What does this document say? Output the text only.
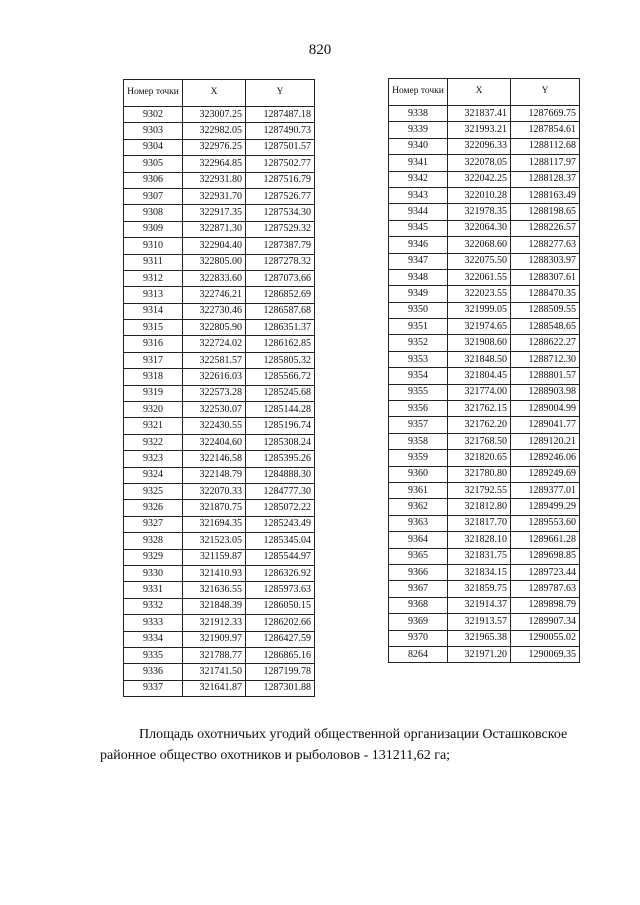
820
Номер точки	X	Y
9302	323007.25	1287487.18
9303	322982.05	1287490.73
9304	322976.25	1287501.57
9305	322964.85	1287502.77
9306	322931.80	1287516.79
9307	322931.70	1287526.77
9308	322917.35	1287534.30
9309	322871.30	1287529.32
9310	322904.40	1287387.79
9311	322805.00	1287278.32
9312	322833.60	1287073.66
9313	322746.21	1286852.69
9314	322730.46	1286587.68
9315	322805.90	1286351.37
9316	322724.02	1286162.85
9317	322581.57	1285805.32
9318	322616.03	1285566.72
9319	322573.28	1285245.68
9320	322530.07	1285144.28
9321	322430.55	1285196.74
9322	322404.60	1285308.24
9323	322146.58	1285395.26
9324	322148.79	1284888.30
9325	322070.33	1284777.30
9326	321870.75	1285072.22
9327	321694.35	1285243.49
9328	321523.05	1285345.04
9329	321159.87	1285544.97
9330	321410.93	1286326.92
9331	321636.55	1285973.63
9332	321848.39	1286050.15
9333	321912.33	1286202.66
9334	321909.97	1286427.59
9335	321788.77	1286865.16
9336	321741.50	1287199.78
9337	321641.87	1287301.88
Номер точки	X	Y
9338	321837.41	1287669.75
9339	321993.21	1287854.61
9340	322096.33	1288112.68
9341	322078.05	1288117.97
9342	322042.25	1288128.37
9343	322010.28	1288163.49
9344	321978.35	1288198.65
9345	322064.30	1288226.57
9346	322068.60	1288277.63
9347	322075.50	1288303.97
9348	322061.55	1288307.61
9349	322023.55	1288470.35
9350	321999.05	1288509.55
9351	321974.65	1288548.65
9352	321908.60	1288622.27
9353	321848.50	1288712.30
9354	321804.45	1288801.57
9355	321774.00	1288903.98
9356	321762.15	1289004.99
9357	321762.20	1289041.77
9358	321768.50	1289120.21
9359	321820.65	1289246.06
9360	321780.80	1289249.69
9361	321792.55	1289377.01
9362	321812.80	1289499.29
9363	321817.70	1289553.60
9364	321828.10	1289661.28
9365	321831.75	1289698.85
9366	321834.15	1289723.44
9367	321859.75	1289787.63
9368	321914.37	1289898.79
9369	321913.57	1289907.34
9370	321965.38	1290055.02
8264	321971.20	1290069.35
Площадь охотничьих угодий общественной организации Осташковское
районное общество охотников и рыболовов - 131211,62 га;
